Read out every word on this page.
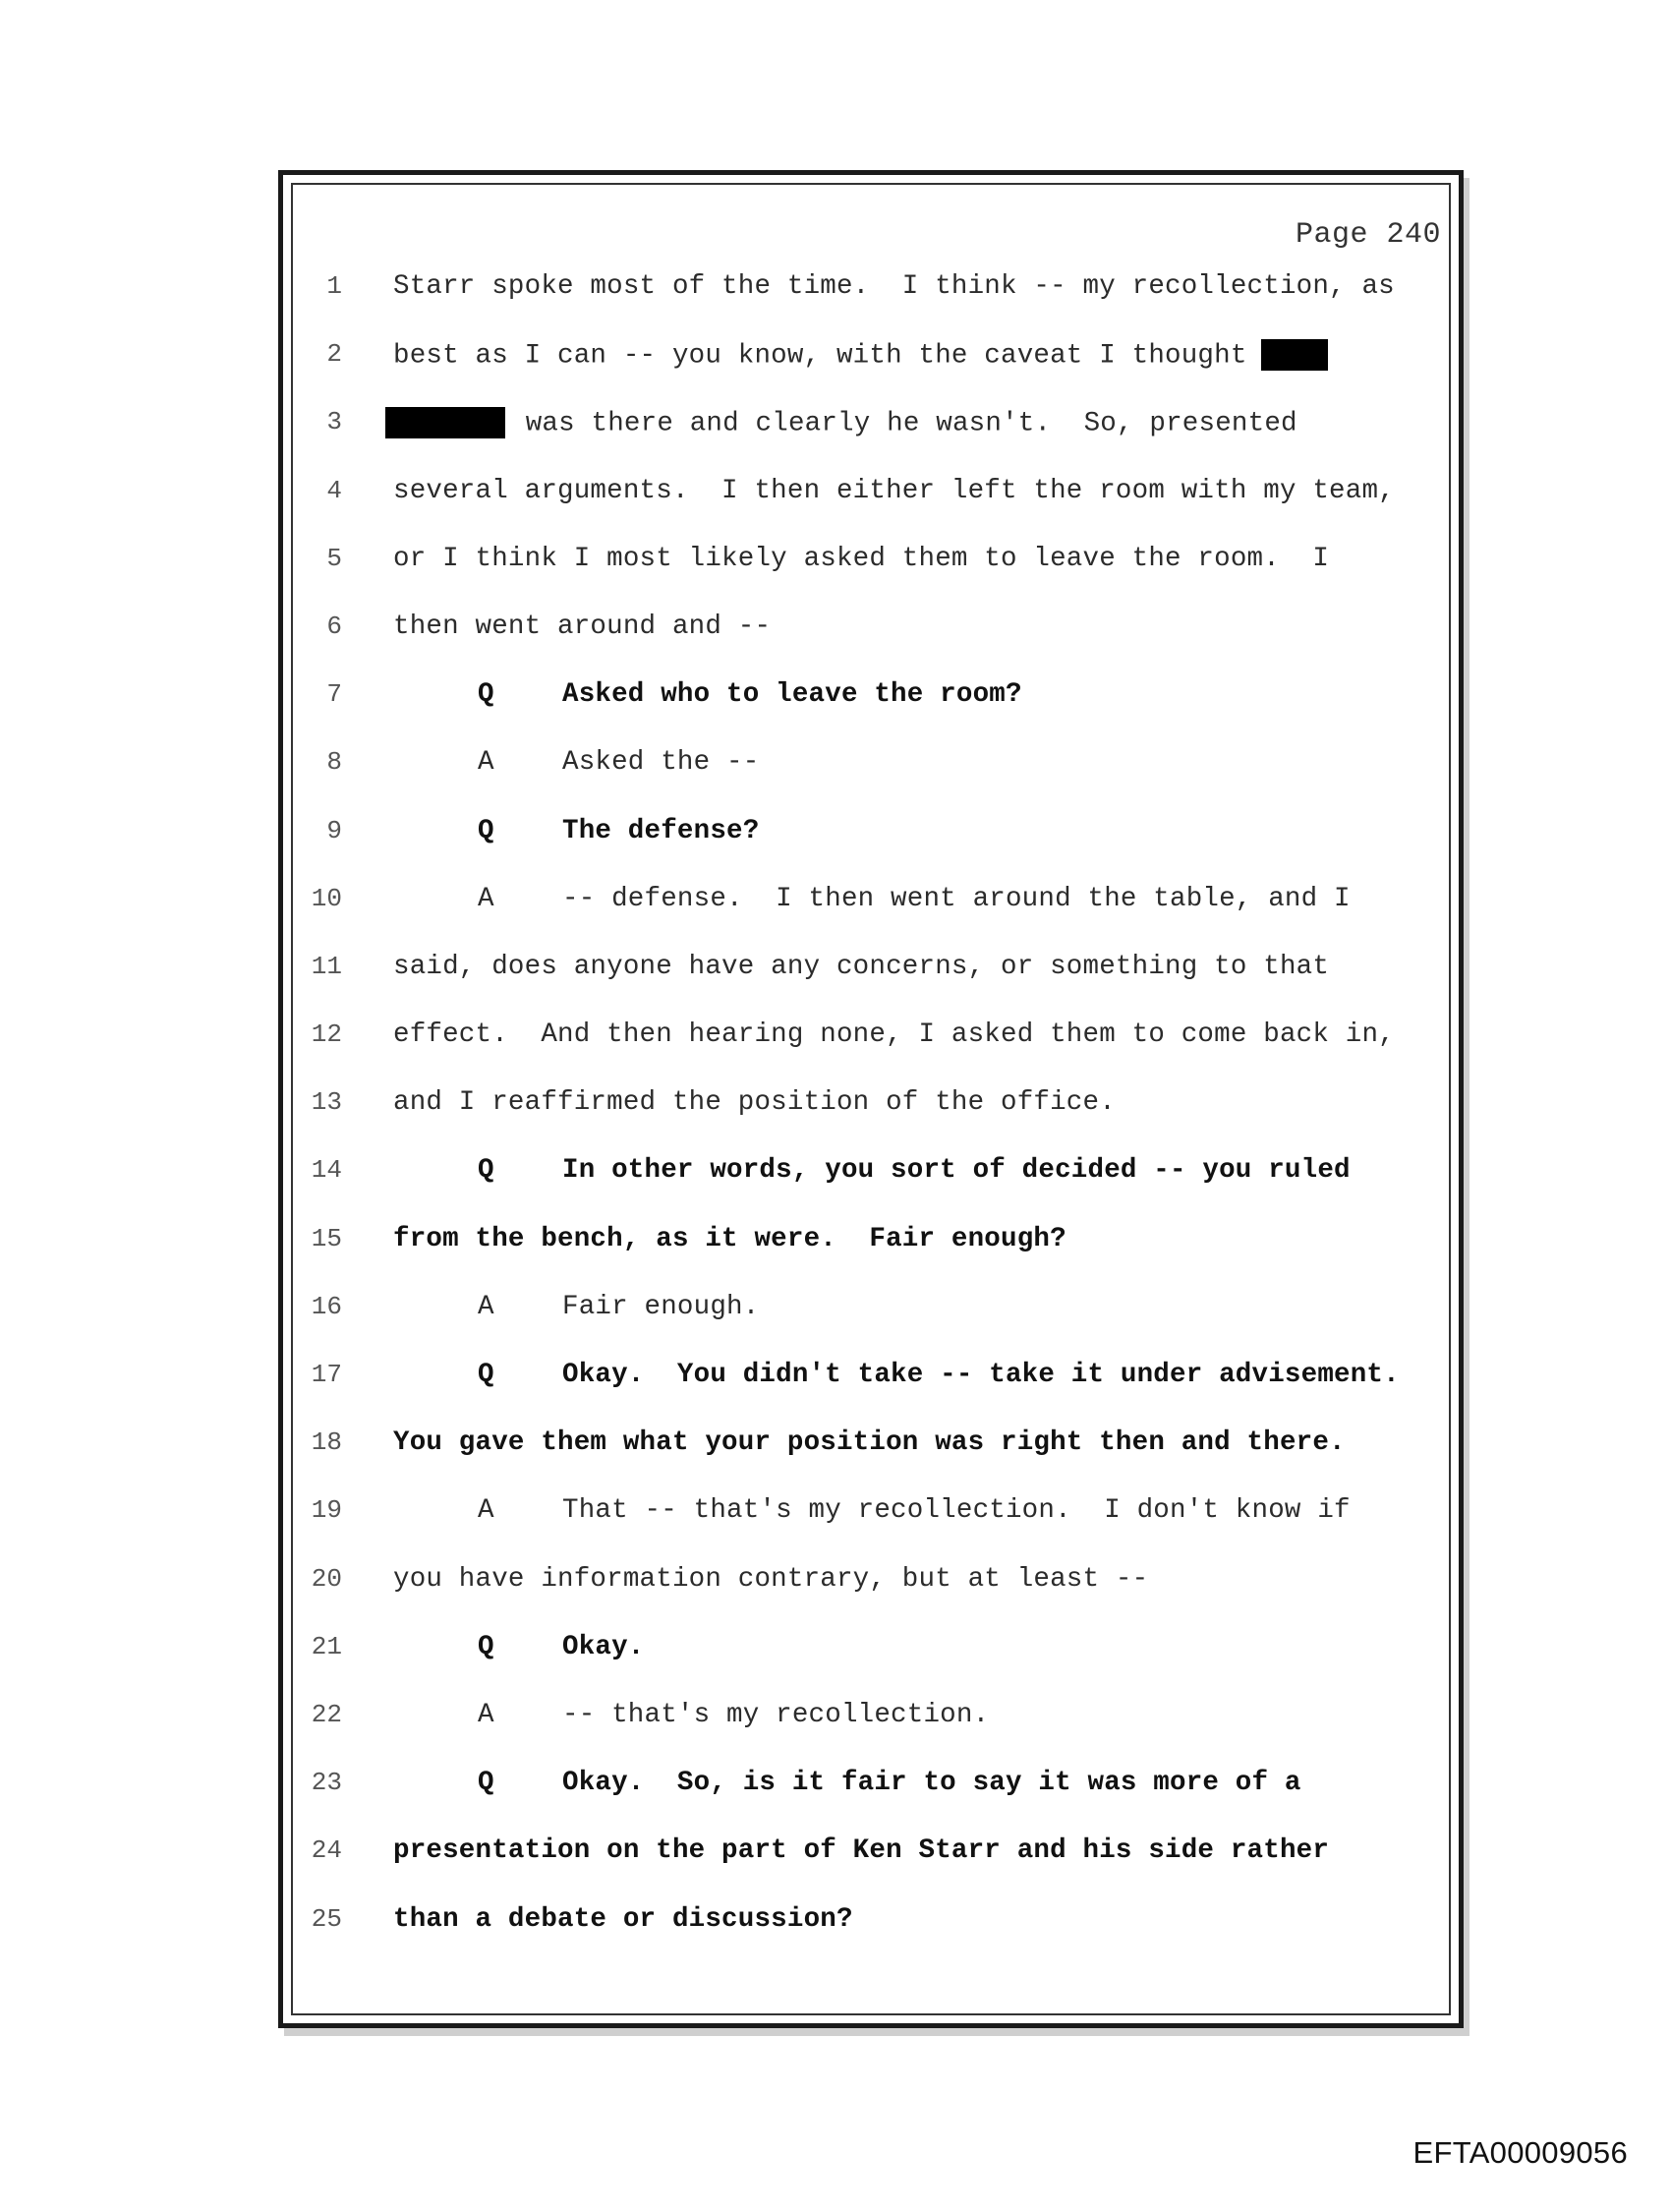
Page 240
1 Starr spoke most of the time.  I think -- my recollection, as
2 best as I can -- you know, with the caveat I thought
3	was there and clearly he wasn't.  So, presented
4 several arguments.  I then either left the room with my team,
5 or I think I most likely asked them to leave the room.  I
6 then went around and --
7	Q	Asked who to leave the room?
8	A	Asked the --
9	Q	The defense?
10	A	-- defense.  I then went around the table, and I
11 said, does anyone have any concerns, or something to that
12 effect.  And then hearing none, I asked them to come back in,
13 and I reaffirmed the position of the office.
14	Q	In other words, you sort of decided -- you ruled
15 from the bench, as it were.  Fair enough?
16	A	Fair enough.
17	Q	Okay.  You didn't take -- take it under advisement.
18 You gave them what your position was right then and there.
19	A	That -- that's my recollection.  I don't know if
20 you have information contrary, but at least --
21	Q	Okay.
22	A	-- that's my recollection.
23	Q	Okay.  So, is it fair to say it was more of a
24 presentation on the part of Ken Starr and his side rather
25 than a debate or discussion?
EFTA00009056
